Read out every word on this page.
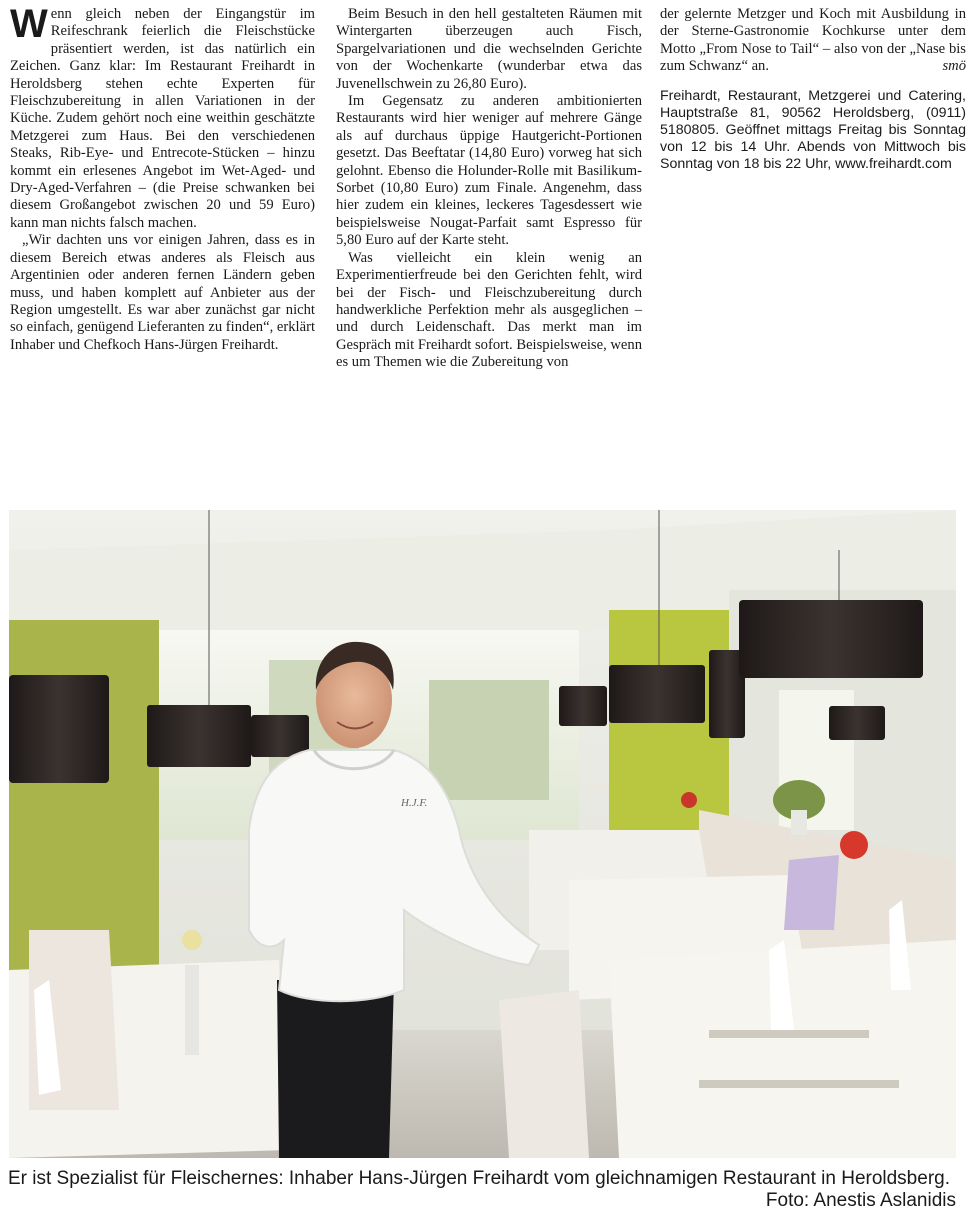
Wenn gleich neben der Eingangstür im Reifeschrank feierlich die Fleischstücke präsentiert werden, ist das natürlich ein Zeichen. Ganz klar: Im Restaurant Freihardt in Heroldsberg stehen echte Experten für Fleischzubereitung in allen Variationen in der Küche. Zudem gehört noch eine weithin geschätzte Metzgerei zum Haus. Bei den verschiedenen Steaks, Rib-Eye- und Entrecote-Stücken – hinzu kommt ein erlesenes Angebot im Wet-Aged- und Dry-Aged-Verfahren – (die Preise schwanken bei diesem Großangebot zwischen 20 und 59 Euro) kann man nichts falsch machen.

„Wir dachten uns vor einigen Jahren, dass es in diesem Bereich etwas anderes als Fleisch aus Argentinien oder anderen fernen Ländern geben muss, und haben komplett auf Anbieter aus der Region umgestellt. Es war aber zunächst gar nicht so einfach, genügend Lieferanten zu finden“, erklärt Inhaber und Chefkoch Hans-Jürgen Freihardt.

Beim Besuch in den hell gestalteten Räumen mit Wintergarten überzeugen auch Fisch, Spargelvariationen und die wechselnden Gerichte von der Wochenkarte (wunderbar etwa das Juvenellschwein zu 26,80 Euro).

Im Gegensatz zu anderen ambitionierten Restaurants wird hier weniger auf mehrere Gänge als auf durchaus üppige Hautgericht-Portionen gesetzt. Das Beeftatar (14,80 Euro) vorweg hat sich gelohnt. Ebenso die Holunder-Rolle mit Basilikum-Sorbet (10,80 Euro) zum Finale. Angenehm, dass hier zudem ein kleines, leckeres Tagesdessert wie beispielsweise Nougat-Parfait samt Espresso für 5,80 Euro auf der Karte steht.

Was vielleicht ein klein wenig an Experimentierfreude bei den Gerichten fehlt, wird bei der Fisch- und Fleischzubereitung durch handwerkliche Perfektion mehr als ausgeglichen – und durch Leidenschaft. Das merkt man im Gespräch mit Freihardt sofort. Beispielsweise, wenn es um Themen wie die Zubereitung von

der gelernte Metzger und Koch mit Ausbildung in der Sterne-Gastronomie Kochkurse unter dem Motto „From Nose to Tail“ – also von der „Nase bis zum Schwanz“ an.	smö

Freihardt, Restaurant, Metzgerei und Catering, Hauptstraße 81, 90562 Heroldsberg, (0911) 5180805. Geöffnet mittags Freitag bis Sonntag von 12 bis 14 Uhr. Abends von Mittwoch bis Sonntag von 18 bis 22 Uhr, www.freihardt.com

H.J.F.
Er ist Spezialist für Fleischernes: Inhaber Hans-Jürgen Freihardt vom gleichnamigen Restaurant in Heroldsberg.
Foto: Anestis Aslanidis
